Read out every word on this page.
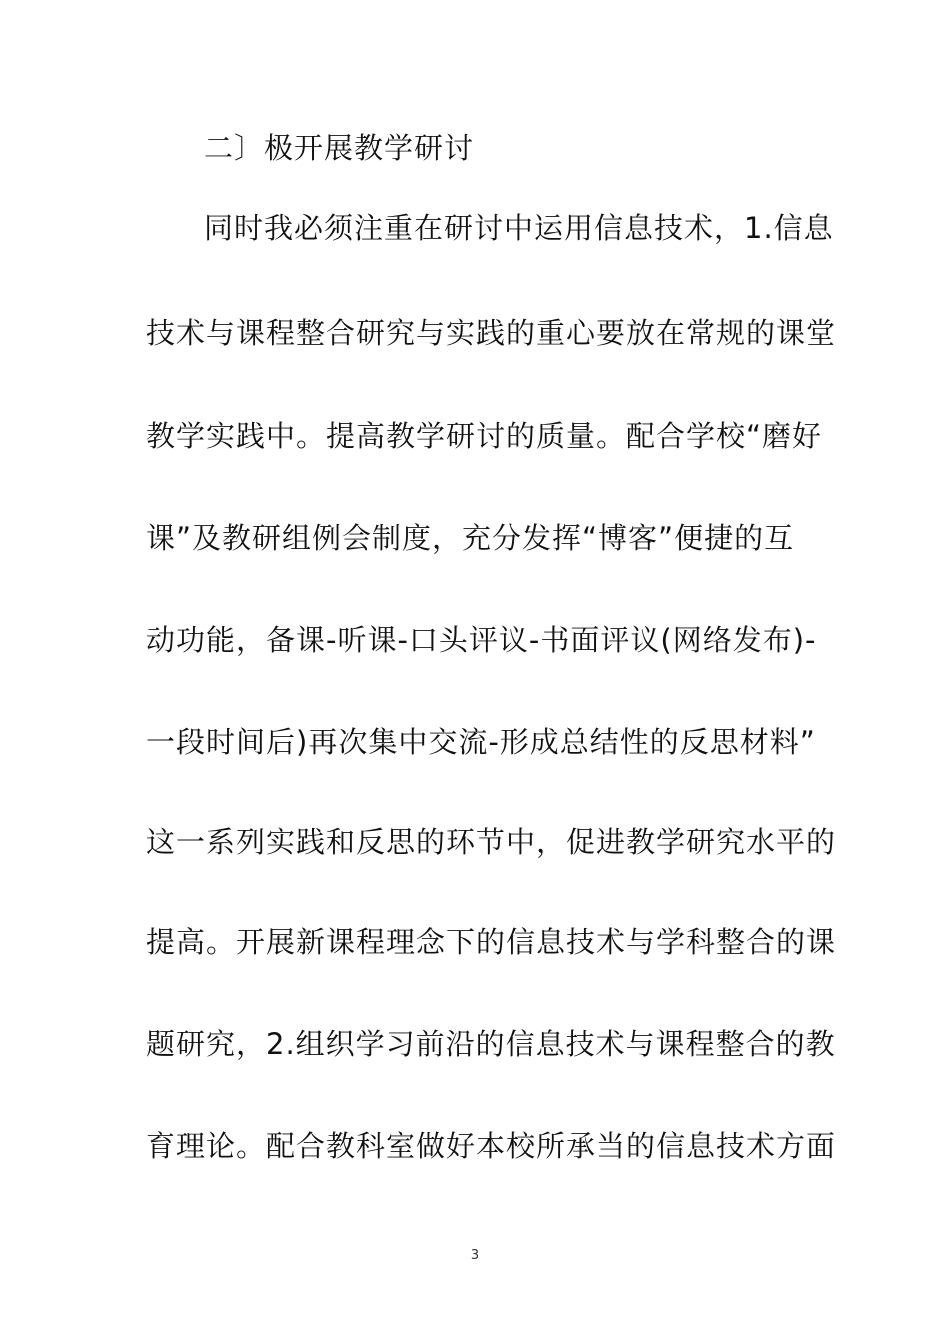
二〕极开展教学研讨
同时我必须注重在研讨中运用信息技术，1.信息
技术与课程整合研究与实践的重心要放在常规的课堂
教学实践中。提高教学研讨的质量。配合学校“磨好
课”及教研组例会制度，充分发挥“博客”便捷的互
动功能，备课-听课-口头评议-书面评议(网络发布)-
一段时间后)再次集中交流-形成总结性的反思材料”
这一系列实践和反思的环节中，促进教学研究水平的
提高。开展新课程理念下的信息技术与学科整合的课
题研究，2.组织学习前沿的信息技术与课程整合的教
育理论。配合教科室做好本校所承当的信息技术方面
3
